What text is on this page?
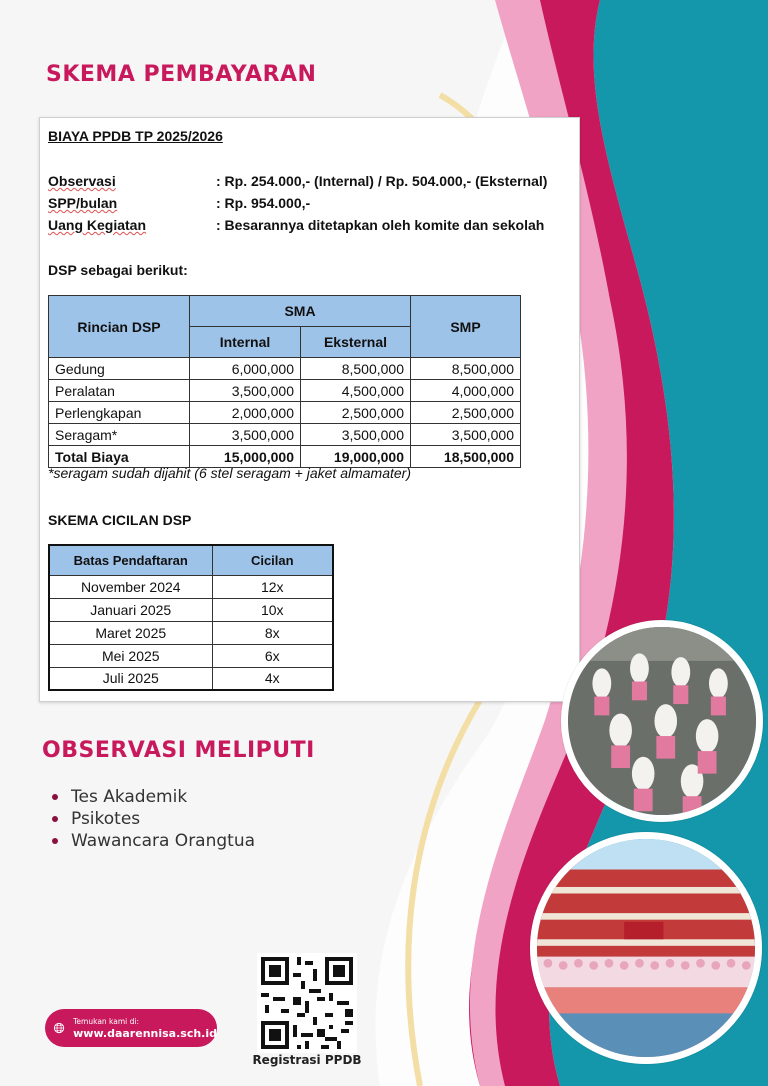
SKEMA PEMBAYARAN
BIAYA PPDB TP 2025/2026
Observasi	: Rp. 254.000,- (Internal) / Rp. 504.000,- (Eksternal)
SPP/bulan	: Rp. 954.000,-
Uang Kegiatan	: Besarannya ditetapkan oleh komite dan sekolah
DSP sebagai berikut:
Rincian DSP	SMA		SMP
	Internal	Eksternal	
Gedung	6,000,000	8,500,000	8,500,000
Peralatan	3,500,000	4,500,000	4,000,000
Perlengkapan	2,000,000	2,500,000	2,500,000
Seragam*	3,500,000	3,500,000	3,500,000
Total Biaya	15,000,000	19,000,000	18,500,000
*seragam sudah dijahit (6 stel seragam + jaket almamater)
SKEMA CICILAN DSP
Batas Pendaftaran	Cicilan
November 2024	12x
Januari 2025	10x
Maret 2025	8x
Mei 2025	6x
Juli 2025	4x
OBSERVASI MELIPUTI
Tes Akademik
Psikotes
Wawancara Orangtua
Registrasi PPDB
Temukan kami di:
www.daarennisa.sch.id
